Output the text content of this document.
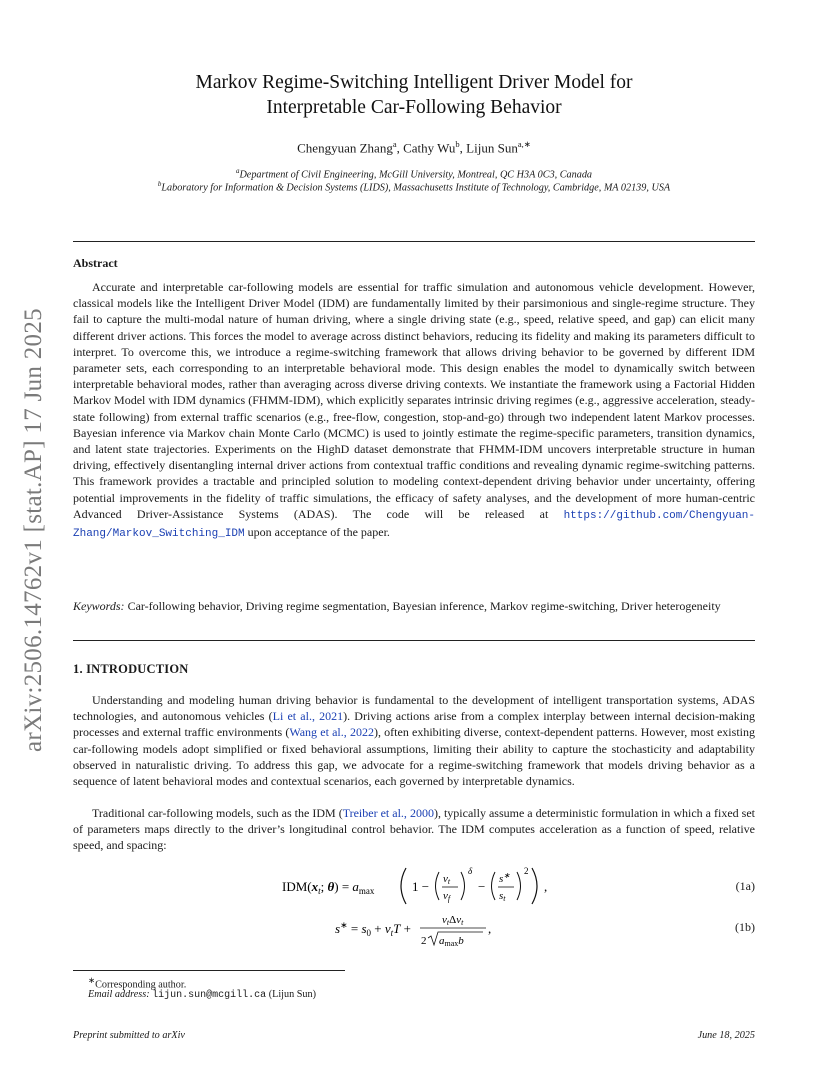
arXiv:2506.14762v1 [stat.AP] 17 Jun 2025
Markov Regime-Switching Intelligent Driver Model for
Interpretable Car-Following Behavior
Chengyuan Zhang$^a$, Cathy Wu$^b$, Lijun Sun$^{a,∗}$
$^a$Department of Civil Engineering, McGill University, Montreal, QC H3A 0C3, Canada
$^b$Laboratory for Information & Decision Systems (LIDS), Massachusetts Institute of Technology, Cambridge, MA 02139, USA
Abstract
Accurate and interpretable car-following models are essential for traffic simulation and autonomous vehicle development. However, classical models like the Intelligent Driver Model (IDM) are fundamentally limited by their parsimonious and single-regime structure. They fail to capture the multi-modal nature of human driving, where a single driving state (e.g., speed, relative speed, and gap) can elicit many different driver actions. This forces the model to average across distinct behaviors, reducing its fidelity and making its parameters difficult to interpret. To overcome this, we introduce a regime-switching framework that allows driving behavior to be governed by different IDM parameter sets, each corresponding to an interpretable behavioral mode. This design enables the model to dynamically switch between interpretable behavioral modes, rather than averaging across diverse driving contexts. We instantiate the framework using a Factorial Hidden Markov Model with IDM dynamics (FHMM-IDM), which explicitly separates intrinsic driving regimes (e.g., aggressive acceleration, steady-state following) from external traffic scenarios (e.g., free-flow, congestion, stop-and-go) through two independent latent Markov processes. Bayesian inference via Markov chain Monte Carlo (MCMC) is used to jointly estimate the regime-specific parameters, transition dynamics, and latent state trajectories. Experiments on the HighD dataset demonstrate that FHMM-IDM uncovers interpretable structure in human driving, effectively disentangling internal driver actions from contextual traffic conditions and revealing dynamic regime-switching patterns. This framework provides a tractable and principled solution to modeling context-dependent driving behavior under uncertainty, offering potential improvements in the fidelity of traffic simulations, the efficacy of safety analyses, and the development of more human-centric Advanced Driver-Assistance Systems (ADAS). The code will be released at https://github.com/Chengyuan-Zhang/Markov_Switching_IDM upon acceptance of the paper.
Keywords: Car-following behavior, Driving regime segmentation, Bayesian inference, Markov regime-switching, Driver heterogeneity
1. INTRODUCTION
Understanding and modeling human driving behavior is fundamental to the development of intelligent transportation systems, ADAS technologies, and autonomous vehicles (Li et al., 2021). Driving actions arise from a complex interplay between internal decision-making processes and external traffic environments (Wang et al., 2022), often exhibiting diverse, context-dependent patterns. However, most existing car-following models adopt simplified or fixed behavioral assumptions, limiting their ability to capture the stochasticity and adaptability observed in naturalistic driving. To address this gap, we advocate for a regime-switching framework that models driving behavior as a sequence of latent behavioral modes and contextual scenarios, each governed by interpretable dynamics.
Traditional car-following models, such as the IDM (Treiber et al., 2000), typically assume a deterministic formulation in which a fixed set of parameters maps directly to the driver’s longitudinal control behavior. The IDM computes acceleration as a function of speed, relative speed, and spacing:
$IDM(x_t$; $\theta) = a_{max}$	1 − vt
vf
δ
− s∗
st
2
,	(1a)
$s^∗ = s_0 + v_tT$ +
vtΔvt
2 amaxb
,	(1b)
∗Corresponding author.
Email address: lijun.sun@mcgill.ca (Lijun Sun)
Preprint submitted to arXiv	June 18, 2025
